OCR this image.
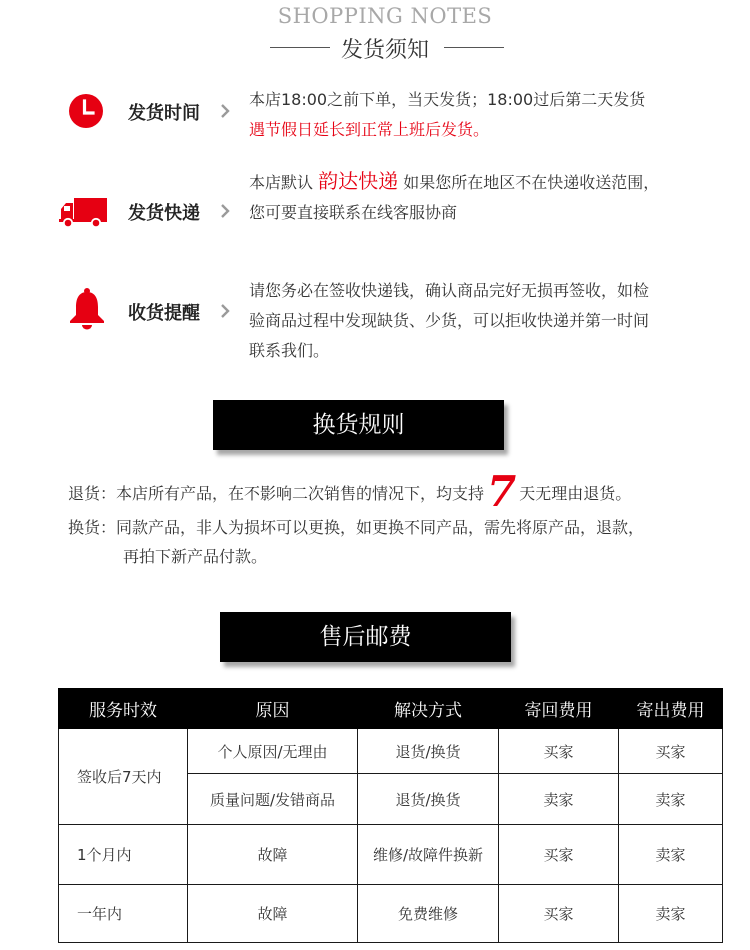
SHOPPING NOTES
发货须知
发货时间
本店18:00之前下单，当天发货；18:00过后第二天发货
遇节假日延长到正常上班后发货。
发货快递
本店默认 韵达快递 如果您所在地区不在快递收送范围，
您可要直接联系在线客服协商
收货提醒
请您务必在签收快递钱，确认商品完好无损再签收，如检
验商品过程中发现缺货、少货，可以拒收快递并第一时间
联系我们。
换货规则
退货：本店所有产品，在不影响二次销售的情况下，均支持7 天无理由退货。
换货：同款产品，非人为损坏可以更换，如更换不同产品，需先将原产品，退款，
再拍下新产品付款。
售后邮费
服务时效	原因	解决方式	寄回费用	寄出费用
签收后7天内	个人原因/无理由	退货/换货	买家	买家
	质量问题/发错商品	退货/换货	卖家	卖家
1个月内	故障	维修/故障件换新	买家	卖家
一年内	故障	免费维修	买家	卖家
